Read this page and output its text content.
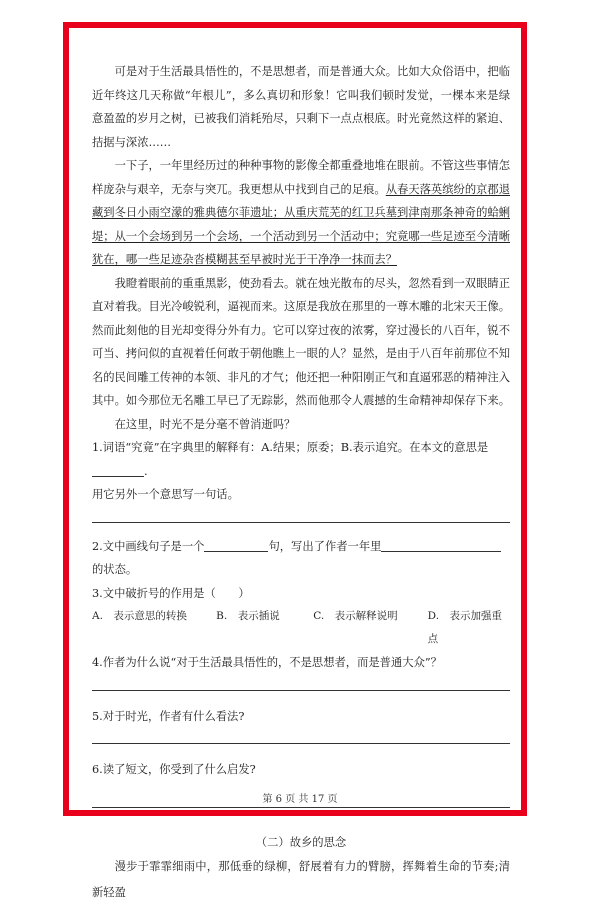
可是对于生活最具悟性的，不是思想者，而是普通大众。比如大众俗语中，把临近年终这几天称做“年根儿”，多么真切和形象！它叫我们顿时发觉，一棵本来是绿意盈盈的岁月之树，已被我们消耗殆尽，只剩下一点点根底。时光竟然这样的紧迫、拮据与深浓……

一下子，一年里经历过的种种事物的影像全都重叠地堆在眼前。不管这些事情怎样庞杂与艰辛，无奈与突兀。我更想从中找到自己的足痕。从春天落英缤纷的京郡退藏到冬日小雨空濛的雅典德尔菲遗址；从重庆荒芜的红卫兵墓到津南那条神奇的蛤蜊堤；从一个会场到另一个会场，一个活动到另一个活动中；究竟哪一些足迹至今清晰犹在，哪一些足迹杂沓模糊甚至早被时光于干净净一抹而去？

我瞪着眼前的重重黑影，使劲看去。就在烛光散布的尽头，忽然看到一双眼睛正直对着我。目光冷峻锐利，逼视而来。这原是我放在那里的一尊木雕的北宋天王像。然而此刻他的目光却变得分外有力。它可以穿过夜的浓雾，穿过漫长的八百年，锐不可当、拷问似的直视着任何敢于朝他瞧上一眼的人？显然，是由于八百年前那位不知名的民间雕工传神的本领、非凡的才气；他还把一种阳刚正气和直逼邪恶的精神注入其中。如今那位无名雕工早已了无踪影，然而他那令人震撼的生命精神却保存下来。

在这里，时光不是分毫不曾消逝吗？

1.词语“究竟”在字典里的解释有：A.结果；原委；B.表示追究。在本文的意思是.

用它另外一个意思写一句话。

2.文中画线句子是一个	句，写出了作者一年里的状态。

3.文中破折号的作用是（　　）

A.　表示意思的转换	B.　表示插说	C.　表示解释说明	D.　表示加强重点

4.作者为什么说“对于生活最具悟性的，不是思想者，而是普通大众”？

5.对于时光，作者有什么看法?

6.读了短文，你受到了什么启发?

（二）故乡的思念

漫步于霏霏细雨中，那低垂的绿柳，舒展着有力的臂膀，挥舞着生命的节奏;清新轻盈

第 6 页 共 17 页
